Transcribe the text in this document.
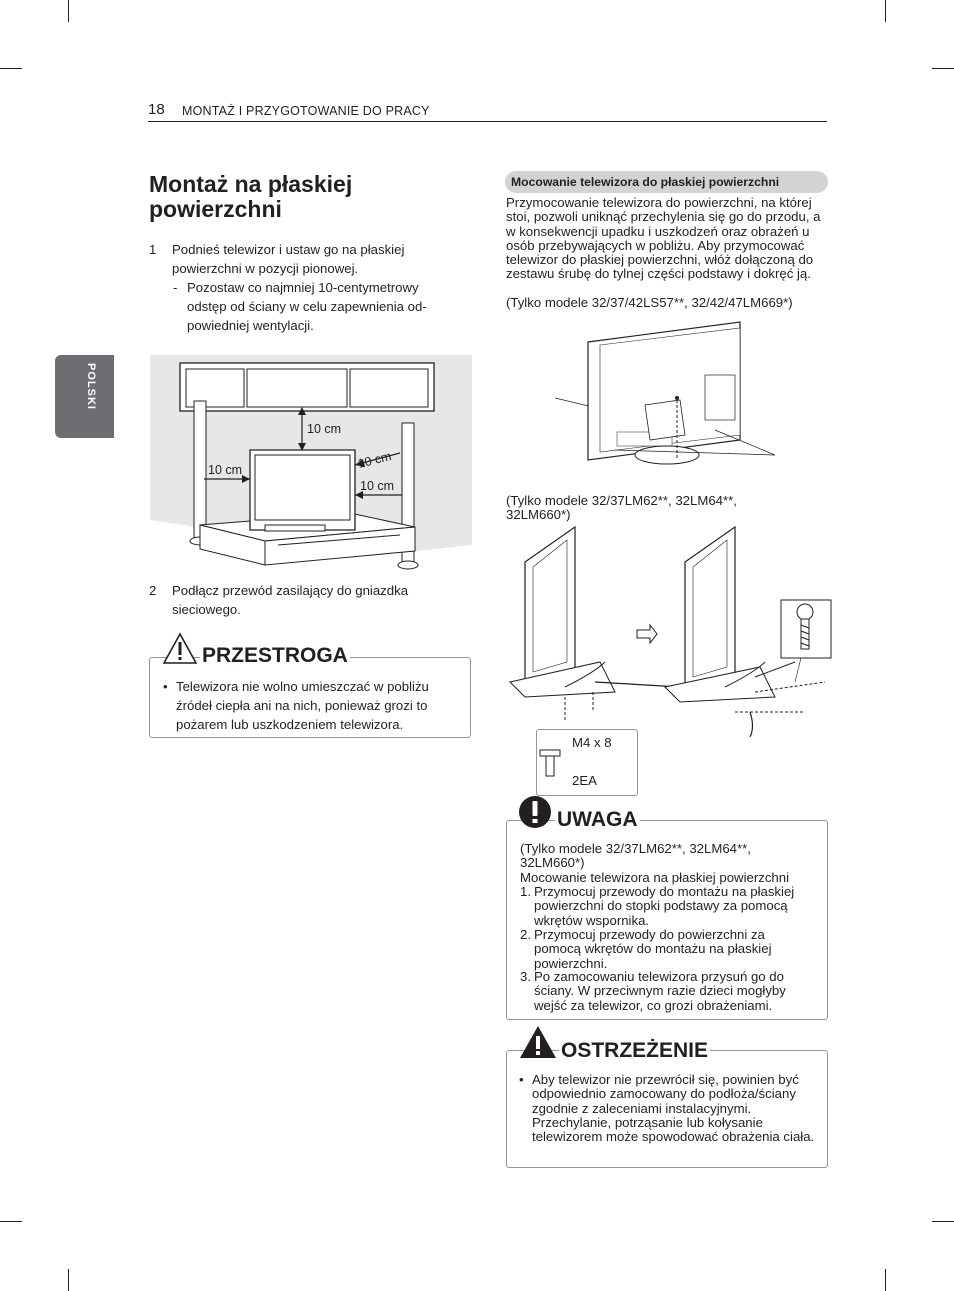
18 MONTAŻ I PRZYGOTOWANIE DO PRACY
POLSKI
Montaż na płaskiej powierzchni
1 Podnieś telewizor i ustaw go na płaskiej powierzchni w pozycji pionowej.
- Pozostaw co najmniej 10-centymetrowy odstęp od ściany w celu zapewnienia od-powiedniej wentylacji.
10 cm
10 cm	10 cm
10 cm
2 Podłącz przewód zasilający do gniazdka sieciowego.
PRZESTROGA
• Telewizora nie wolno umieszczać w pobliżu źródeł ciepła ani na nich, ponieważ grozi to pożarem lub uszkodzeniem telewizora.
Mocowanie telewizora do płaskiej powierzchni
Przymocowanie telewizora do powierzchni, na której stoi, pozwoli uniknąć przechylenia się go do przodu, a w konsekwencji upadku i uszkodzeń oraz obrażeń u osób przebywających w pobliżu. Aby przymocować telewizor do płaskiej powierzchni, włóż dołączoną do zestawu śrubę do tylnej części podstawy i dokręć ją.
(Tylko modele 32/37/42LS57**, 32/42/47LM669*)
(Tylko modele 32/37LM62**, 32LM64**, 32LM660*)
M4 x 8
2EA
UWAGA
(Tylko modele 32/37LM62**, 32LM64**, 32LM660*)
Mocowanie telewizora na płaskiej powierzchni
1. Przymocuj przewody do montażu na płaskiej powierzchni do stopki podstawy za pomocą wkrętów wspornika.
2. Przymocuj przewody do powierzchni za pomocą wkrętów do montażu na płaskiej powierzchni.
3. Po zamocowaniu telewizora przysuń go do ściany. W przeciwnym razie dzieci mogłyby wejść za telewizor, co grozi obrażeniami.
OSTRZEŻENIE
• Aby telewizor nie przewrócił się, powinien być odpowiednio zamocowany do podłoża/ściany zgodnie z zaleceniami instalacyjnymi. Przechylanie, potrząsanie lub kołysanie telewizorem może spowodować obrażenia ciała.
